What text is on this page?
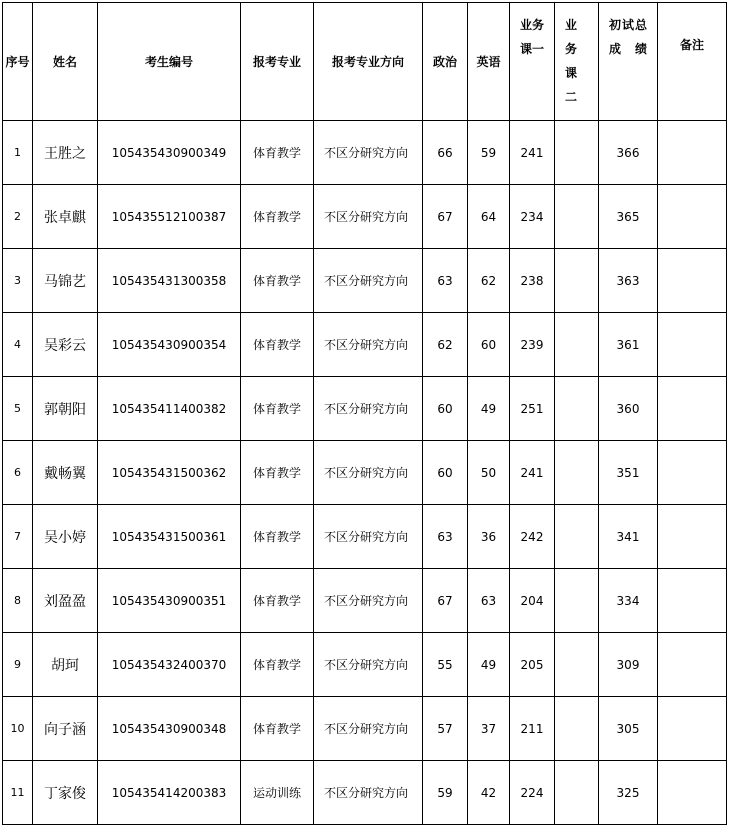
序号	姓名	考生编号	报考专业	报考专业方向	政治	英语	业务课一	业务课二	初试总成绩	备注
1	王胜之	105435430900349	体育教学	不区分研究方向	66	59	241		366	
2	张卓麒	105435512100387	体育教学	不区分研究方向	67	64	234		365	
3	马锦艺	105435431300358	体育教学	不区分研究方向	63	62	238		363	
4	吴彩云	105435430900354	体育教学	不区分研究方向	62	60	239		361	
5	郭朝阳	105435411400382	体育教学	不区分研究方向	60	49	251		360	
6	戴畅翼	105435431500362	体育教学	不区分研究方向	60	50	241		351	
7	吴小婷	105435431500361	体育教学	不区分研究方向	63	36	242		341	
8	刘盈盈	105435430900351	体育教学	不区分研究方向	67	63	204		334	
9	胡珂	105435432400370	体育教学	不区分研究方向	55	49	205		309	
10	向子涵	105435430900348	体育教学	不区分研究方向	57	37	211		305	
11	丁家俊	105435414200383	运动训练	不区分研究方向	59	42	224		325	
